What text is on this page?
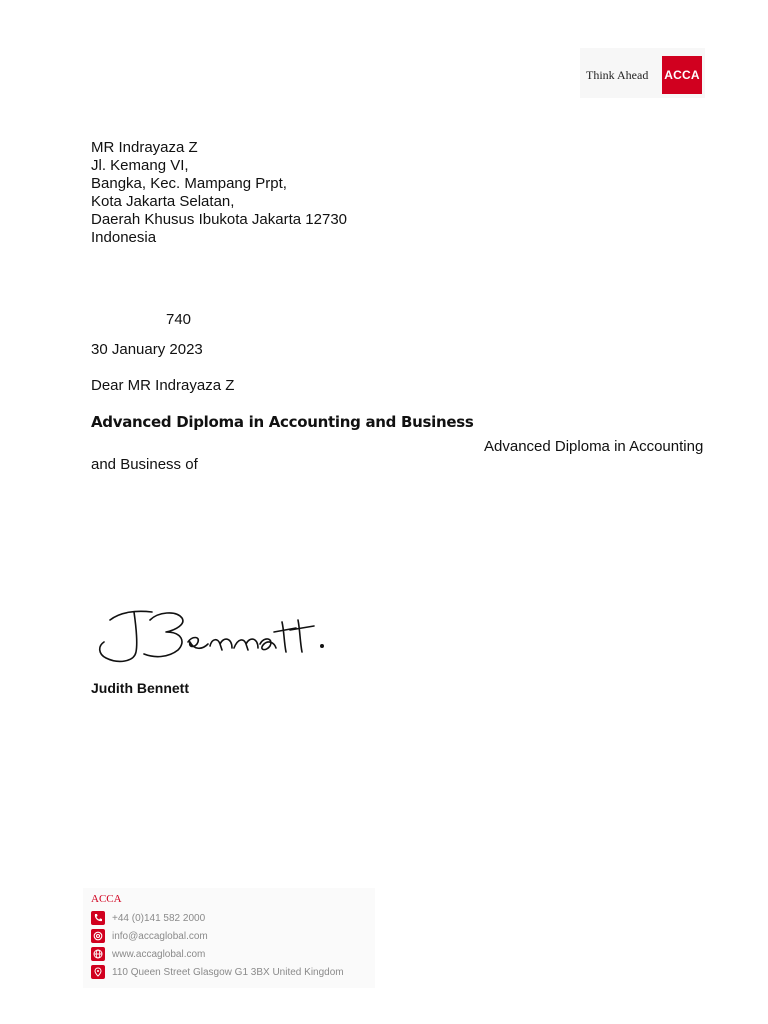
Think Ahead ACCA
MR Indrayaza Z
Jl. Kemang VI,
Bangka, Kec. Mampang Prpt,
Kota Jakarta Selatan,
Daerah Khusus Ibukota Jakarta 12730
Indonesia
740
30 January 2023
Dear MR Indrayaza Z
Advanced Diploma in Accounting and Business
Advanced Diploma in Accounting
and Business of
Judith Bennett
ACCA
+44 (0)141 582 2000
info@accaglobal.com
www.accaglobal.com
110 Queen Street Glasgow G1 3BX United Kingdom
